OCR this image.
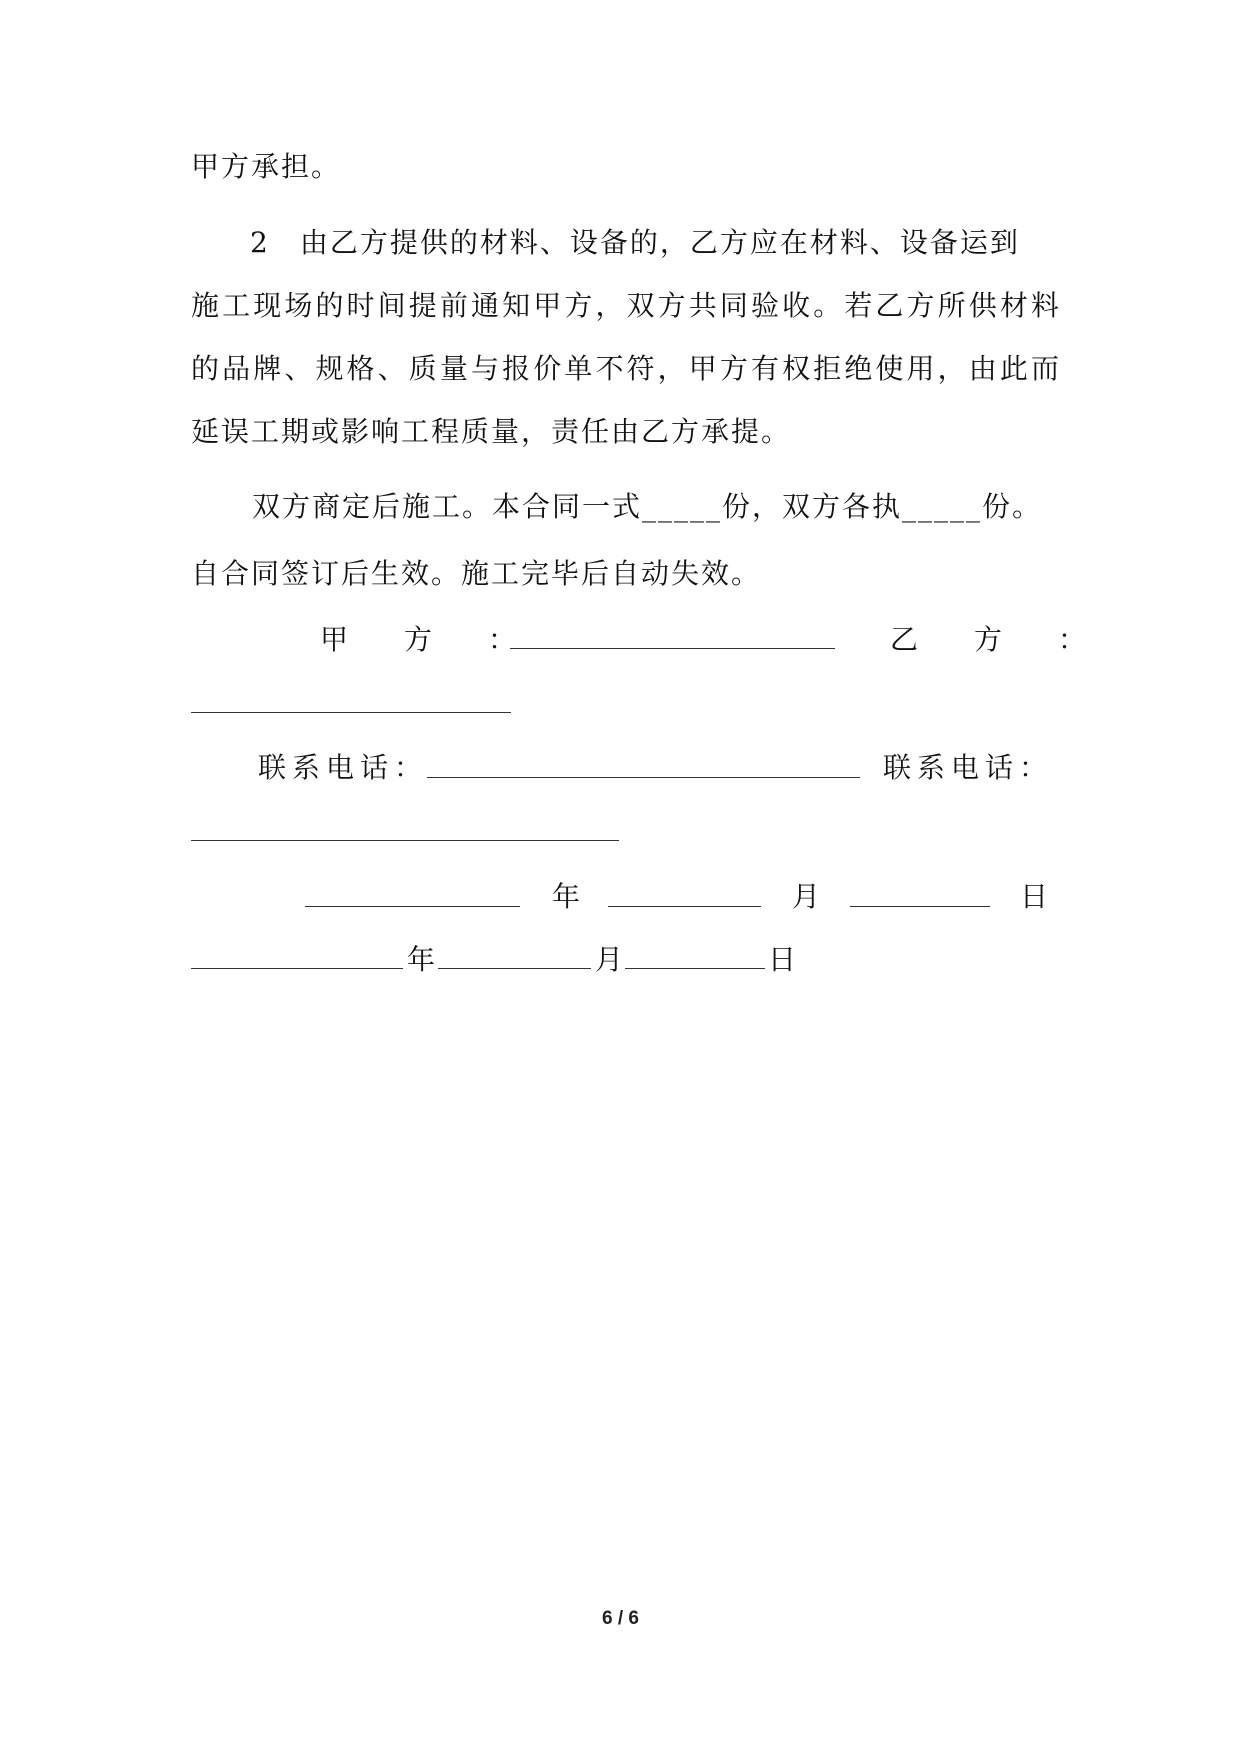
甲方承担。
2　由乙方提供的材料、设备的，乙方应在材料、设备运到
施工现场的时间提前通知甲方，双方共同验收。若乙方所供材料
的品牌、规格、质量与报价单不符，甲方有权拒绝使用，由此而
延误工期或影响工程质量，责任由乙方承提。
双方商定后施工。本合同一式_____份，双方各执_____份。
自合同签订后生效。施工完毕后自动失效。
甲　方　：	乙　方　：
联系电话：	联系电话：
年	月	日
年	月	日
6 / 6
